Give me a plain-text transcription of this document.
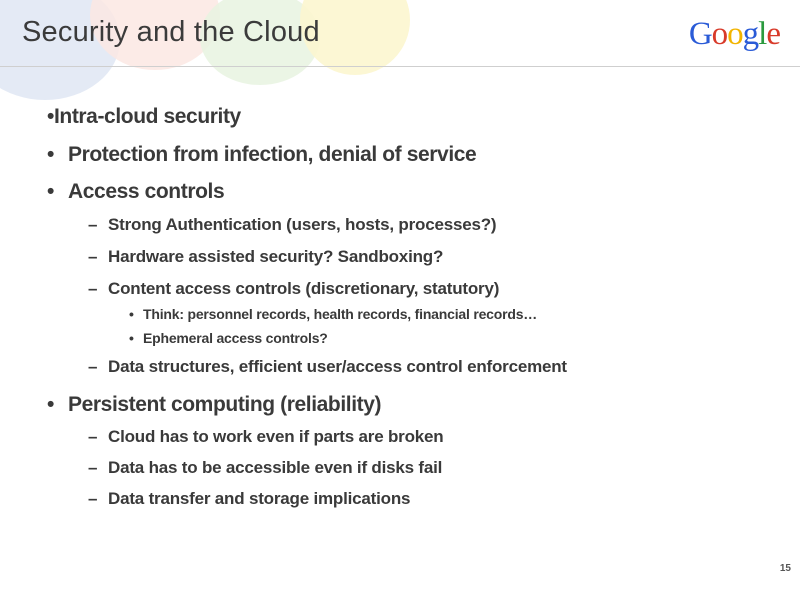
Security and the Cloud	Google
•Intra-cloud security
• Protection from infection, denial of service
• Access controls
– Strong Authentication (users, hosts, processes?)
– Hardware assisted security? Sandboxing?
– Content access controls (discretionary, statutory)
• Think: personnel records, health records, financial records…
• Ephemeral access controls?
– Data structures, efficient user/access control enforcement
• Persistent computing (reliability)
– Cloud has to work even if parts are broken
– Data has to be accessible even if disks fail
– Data transfer and storage implications
15
